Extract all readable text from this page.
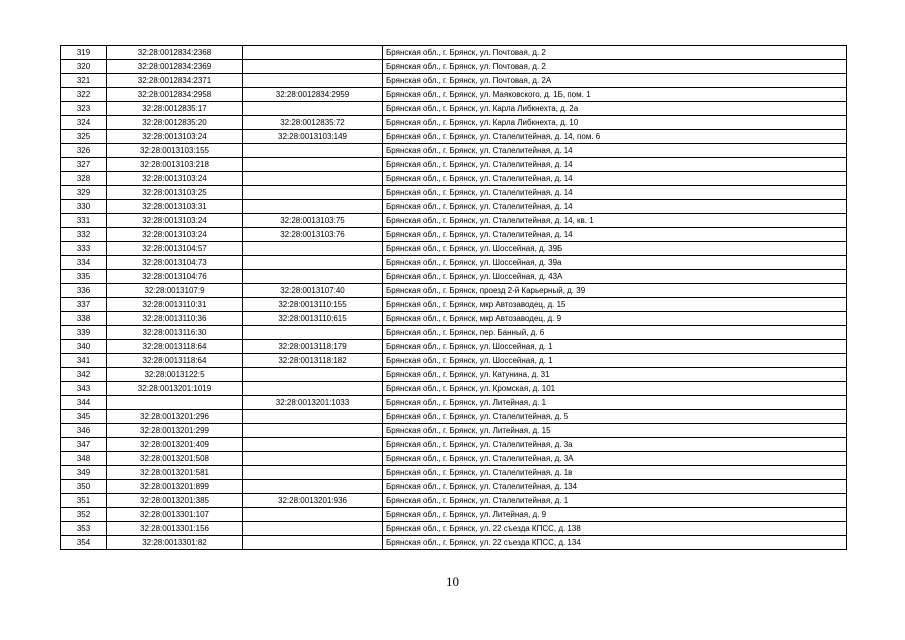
319	32:28:0012834:2368		Брянская обл., г. Брянск, ул. Почтовая, д. 2
320	32:28:0012834:2369		Брянская обл., г. Брянск, ул. Почтовая, д. 2
321	32:28:0012834:2371		Брянская обл., г. Брянск, ул. Почтовая, д. 2А
322	32:28:0012834:2958	32:28:0012834:2959	Брянская обл., г. Брянск, ул. Маяковского, д. 1Б, пом. 1
323	32:28:0012835:17		Брянская обл., г. Брянск, ул. Карла Либкнехта, д. 2а
324	32:28:0012835:20	32:28:0012835:72	Брянская обл., г. Брянск, ул. Карла Либкнехта, д. 10
325	32:28:0013103:24	32:28:0013103:149	Брянская обл., г. Брянск, ул. Сталелитейная, д. 14, пом. 6
326	32:28:0013103:155		Брянская обл., г. Брянск, ул. Сталелитейная, д. 14
327	32:28:0013103:218		Брянская обл., г. Брянск, ул. Сталелитейная, д. 14
328	32:28:0013103:24		Брянская обл., г. Брянск, ул. Сталелитейная, д. 14
329	32:28:0013103:25		Брянская обл., г. Брянск, ул. Сталелитейная, д. 14
330	32:28:0013103:31		Брянская обл., г. Брянск, ул. Сталелитейная, д. 14
331	32:28:0013103:24	32:28:0013103:75	Брянская обл., г. Брянск, ул. Сталелитейная, д. 14, кв. 1
332	32:28:0013103:24	32:28:0013103:76	Брянская обл., г. Брянск, ул. Сталелитейная, д. 14
333	32:28:0013104:57		Брянская обл., г. Брянск, ул. Шоссейная, д. 39Б
334	32:28:0013104:73		Брянская обл., г. Брянск, ул. Шоссейная, д. 39а
335	32:28:0013104:76		Брянская обл., г. Брянск, ул. Шоссейная, д. 43А
336	32:28:0013107:9	32:28:0013107:40	Брянская обл., г. Брянск, проезд 2-й Карьерный, д. 39
337	32:28:0013110:31	32:28:0013110:155	Брянская обл., г. Брянск, мкр Автозаводец, д. 15
338	32:28:0013110:36	32:28:0013110:615	Брянская обл., г. Брянск, мкр Автозаводец, д. 9
339	32:28:0013116:30		Брянская обл., г. Брянск, пер. Банный, д. 6
340	32:28:0013118:64	32:28:0013118:179	Брянская обл., г. Брянск, ул. Шоссейная, д. 1
341	32:28:0013118:64	32:28:0013118:182	Брянская обл., г. Брянск, ул. Шоссейная, д. 1
342	32:28:0013122:5		Брянская обл., г. Брянск, ул. Катунина, д. 31
343	32:28:0013201:1019		Брянская обл., г. Брянск, ул. Кромская, д. 101
344		32:28:0013201:1033	Брянская обл., г. Брянск, ул. Литейная, д. 1
345	32:28:0013201:296		Брянская обл., г. Брянск, ул. Сталелитейная, д. 5
346	32:28:0013201:299		Брянская обл., г. Брянск, ул. Литейная, д. 15
347	32:28:0013201:409		Брянская обл., г. Брянск, ул. Сталелитейная, д. 3а
348	32:28:0013201:508		Брянская обл., г. Брянск, ул. Сталелитейная, д. 3А
349	32:28:0013201:581		Брянская обл., г. Брянск, ул. Сталелитейная, д. 1в
350	32:28:0013201:899		Брянская обл., г. Брянск, ул. Сталелитейная, д. 134
351	32:28:0013201:385	32:28:0013201:936	Брянская обл., г. Брянск, ул. Сталелитейная, д. 1
352	32:28:0013301:107		Брянская обл., г. Брянск, ул. Литейная, д. 9
353	32:28:0013301:156		Брянская обл., г. Брянск, ул. 22 съезда КПСС, д. 138
354	32:28:0013301:82		Брянская обл., г. Брянск, ул. 22 съезда КПСС, д. 134
10
